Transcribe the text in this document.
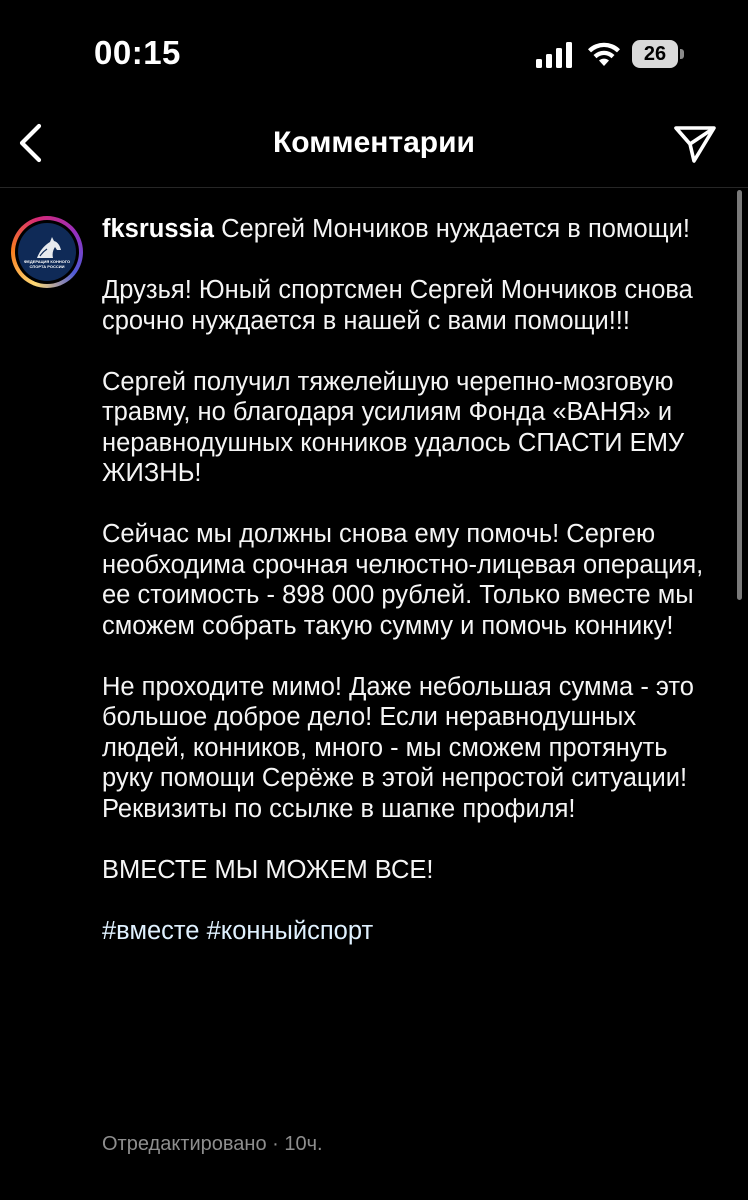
00:15	26
Комментарии
ФЕДЕРАЦИЯ КОННОГО СПОРТА РОССИИ

fksrussia Сергей Мончиков нуждается в помощи!

Друзья! Юный спортсмен Сергей Мончиков снова срочно нуждается в нашей с вами помощи!!!

Сергей получил тяжелейшую черепно-мозговую травму, но благодаря усилиям Фонда «ВАНЯ» и неравнодушных конников удалось СПАСТИ ЕМУ ЖИЗНЬ!

Сейчас мы должны снова ему помочь! Сергею необходима срочная челюстно-лицевая операция, ее стоимость - 898 000 рублей. Только вместе мы сможем собрать такую сумму и помочь коннику!

Не проходите мимо! Даже небольшая сумма - это большое доброе дело! Если неравнодушных людей, конников, много - мы сможем протянуть руку помощи Серёже в этой непростой ситуации! Реквизиты по ссылке в шапке профиля!

ВМЕСТЕ МЫ МОЖЕМ ВСЕ!

#вместе #конныйспорт

Отредактировано · 10ч.
